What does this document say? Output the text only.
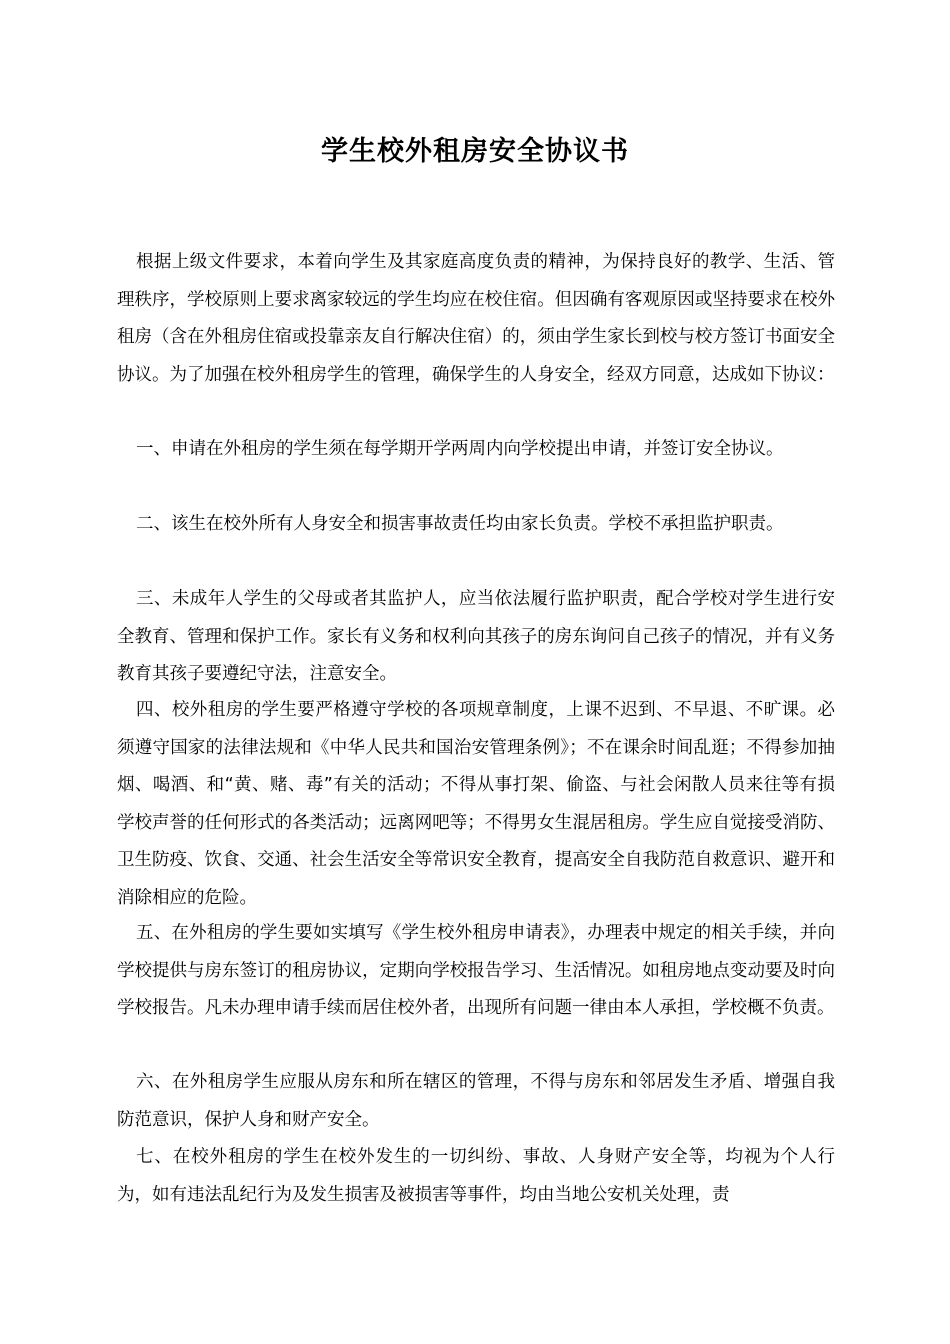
学生校外租房安全协议书

根据上级文件要求，本着向学生及其家庭高度负责的精神，为保持良好的教学、生活、管理秩序，学校原则上要求离家较远的学生均应在校住宿。但因确有客观原因或坚持要求在校外租房（含在外租房住宿或投靠亲友自行解决住宿）的，须由学生家长到校与校方签订书面安全协议。为了加强在校外租房学生的管理，确保学生的人身安全，经双方同意，达成如下协议：

一、申请在外租房的学生须在每学期开学两周内向学校提出申请，并签订安全协议。

二、该生在校外所有人身安全和损害事故责任均由家长负责。学校不承担监护职责。

三、未成年人学生的父母或者其监护人，应当依法履行监护职责，配合学校对学生进行安全教育、管理和保护工作。家长有义务和权利向其孩子的房东询问自己孩子的情况，并有义务教育其孩子要遵纪守法，注意安全。

四、校外租房的学生要严格遵守学校的各项规章制度，上课不迟到、不早退、不旷课。必须遵守国家的法律法规和《中华人民共和国治安管理条例》；不在课余时间乱逛；不得参加抽烟、喝酒、和“黄、赌、毒”有关的活动；不得从事打架、偷盗、与社会闲散人员来往等有损学校声誉的任何形式的各类活动；远离网吧等；不得男女生混居租房。学生应自觉接受消防、卫生防疫、饮食、交通、社会生活安全等常识安全教育，提高安全自我防范自救意识、避开和消除相应的危险。

五、在外租房的学生要如实填写《学生校外租房申请表》，办理表中规定的相关手续，并向学校提供与房东签订的租房协议，定期向学校报告学习、生活情况。如租房地点变动要及时向学校报告。凡未办理申请手续而居住校外者，出现所有问题一律由本人承担，学校概不负责。

六、在外租房学生应服从房东和所在辖区的管理，不得与房东和邻居发生矛盾、增强自我防范意识，保护人身和财产安全。

七、在校外租房的学生在校外发生的一切纠纷、事故、人身财产安全等，均视为个人行为，如有违法乱纪行为及发生损害及被损害等事件，均由当地公安机关处理，责
